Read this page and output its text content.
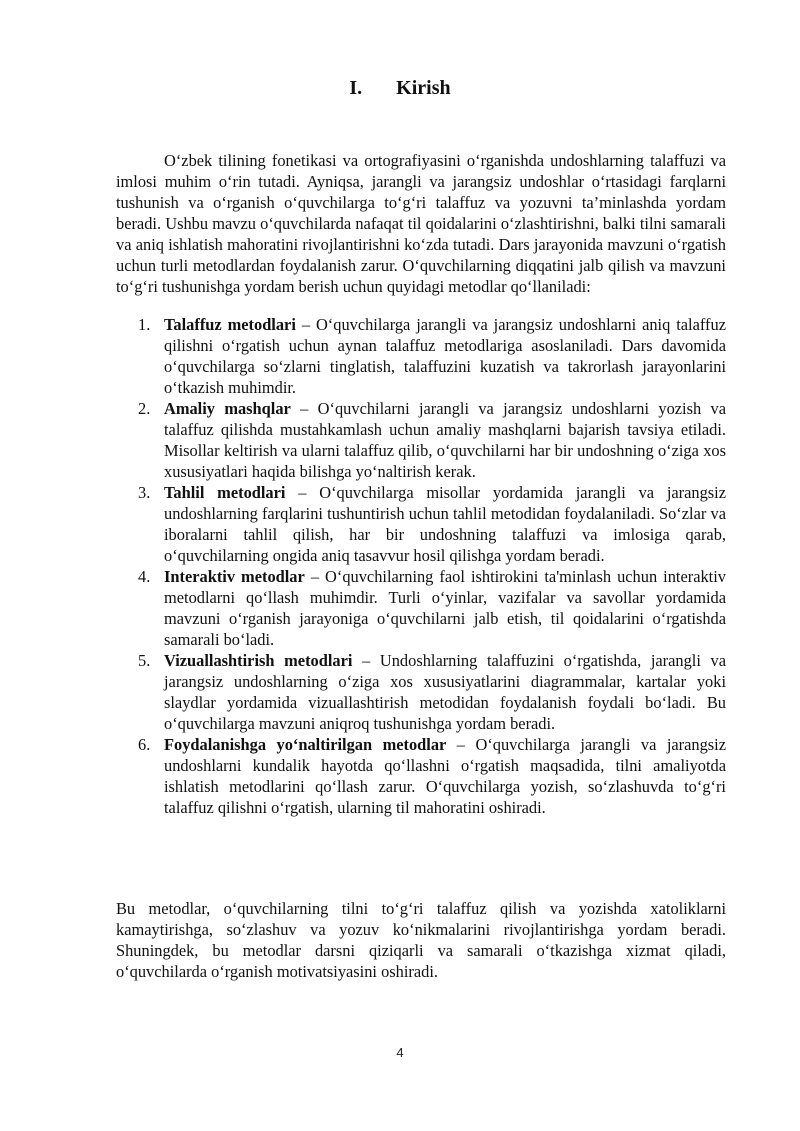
I. Kirish

O‘zbek tilining fonetikasi va ortografiyasini o‘rganishda undoshlarning talaffuzi va imlosi muhim o‘rin tutadi. Ayniqsa, jarangli va jarangsiz undoshlar o‘rtasidagi farqlarni tushunish va o‘rganish o‘quvchilarga to‘g‘ri talaffuz va yozuvni ta’minlashda yordam beradi. Ushbu mavzu o‘quvchilarda nafaqat til qoidalarini o‘zlashtirishni, balki tilni samarali va aniq ishlatish mahoratini rivojlantirishni ko‘zda tutadi. Dars jarayonida mavzuni o‘rgatish uchun turli metodlardan foydalanish zarur. O‘quvchilarning diqqatini jalb qilish va mavzuni to‘g‘ri tushunishga yordam berish uchun quyidagi metodlar qo‘llaniladi:

1. Talaffuz metodlari – O‘quvchilarga jarangli va jarangsiz undoshlarni aniq talaffuz qilishni o‘rgatish uchun aynan talaffuz metodlariga asoslaniladi. Dars davomida o‘quvchilarga so‘zlarni tinglatish, talaffuzini kuzatish va takrorlash jarayonlarini o‘tkazish muhimdir.
2. Amaliy mashqlar – O‘quvchilarni jarangli va jarangsiz undoshlarni yozish va talaffuz qilishda mustahkamlash uchun amaliy mashqlarni bajarish tavsiya etiladi. Misollar keltirish va ularni talaffuz qilib, o‘quvchilarni har bir undoshning o‘ziga xos xususiyatlari haqida bilishga yo‘naltirish kerak.
3. Tahlil metodlari – O‘quvchilarga misollar yordamida jarangli va jarangsiz undoshlarning farqlarini tushuntirish uchun tahlil metodidan foydalaniladi. So‘zlar va iboralarni tahlil qilish, har bir undoshning talaffuzi va imlosiga qarab, o‘quvchilarning ongida aniq tasavvur hosil qilishga yordam beradi.
4. Interaktiv metodlar – O‘quvchilarning faol ishtirokini ta'minlash uchun interaktiv metodlarni qo‘llash muhimdir. Turli o‘yinlar, vazifalar va savollar yordamida mavzuni o‘rganish jarayoniga o‘quvchilarni jalb etish, til qoidalarini o‘rgatishda samarali bo‘ladi.
5. Vizuallashtirish metodlari – Undoshlarning talaffuzini o‘rgatishda, jarangli va jarangsiz undoshlarning o‘ziga xos xususiyatlarini diagrammalar, kartalar yoki slaydlar yordamida vizuallashtirish metodidan foydalanish foydali bo‘ladi. Bu o‘quvchilarga mavzuni aniqroq tushunishga yordam beradi.
6. Foydalanishga yo‘naltirilgan metodlar – O‘quvchilarga jarangli va jarangsiz undoshlarni kundalik hayotda qo‘llashni o‘rgatish maqsadida, tilni amaliyotda ishlatish metodlarini qo‘llash zarur. O‘quvchilarga yozish, so‘zlashuvda to‘g‘ri talaffuz qilishni o‘rgatish, ularning til mahoratini oshiradi.

Bu metodlar, o‘quvchilarning tilni to‘g‘ri talaffuz qilish va yozishda xatoliklarni kamaytirishga, so‘zlashuv va yozuv ko‘nikmalarini rivojlantirishga yordam beradi. Shuningdek, bu metodlar darsni qiziqarli va samarali o‘tkazishga xizmat qiladi, o‘quvchilarda o‘rganish motivatsiyasini oshiradi.

4
